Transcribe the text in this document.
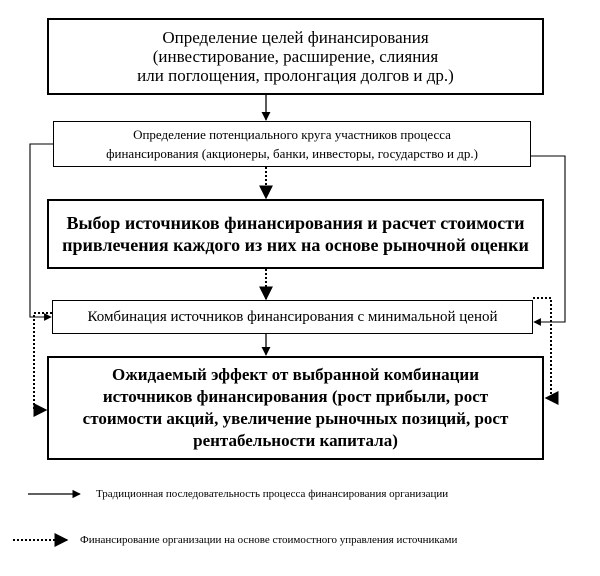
Определение целей финансирования
(инвестирование, расширение, слияния
или поглощения, пролонгация долгов и др.)
Определение потенциального круга участников процесса
финансирования (акционеры, банки, инвесторы, государство и др.)
Выбор источников финансирования и расчет стоимости
привлечения каждого из них на основе рыночной оценки
Комбинация источников финансирования с минимальной ценой
Ожидаемый эффект от выбранной комбинации
источников финансирования (рост прибыли, рост
стоимости акций, увеличение рыночных позиций, рост
рентабельности капитала)
Традиционная последовательность процесса финансирования организации
Финансирование организации на основе стоимостного управления источниками
